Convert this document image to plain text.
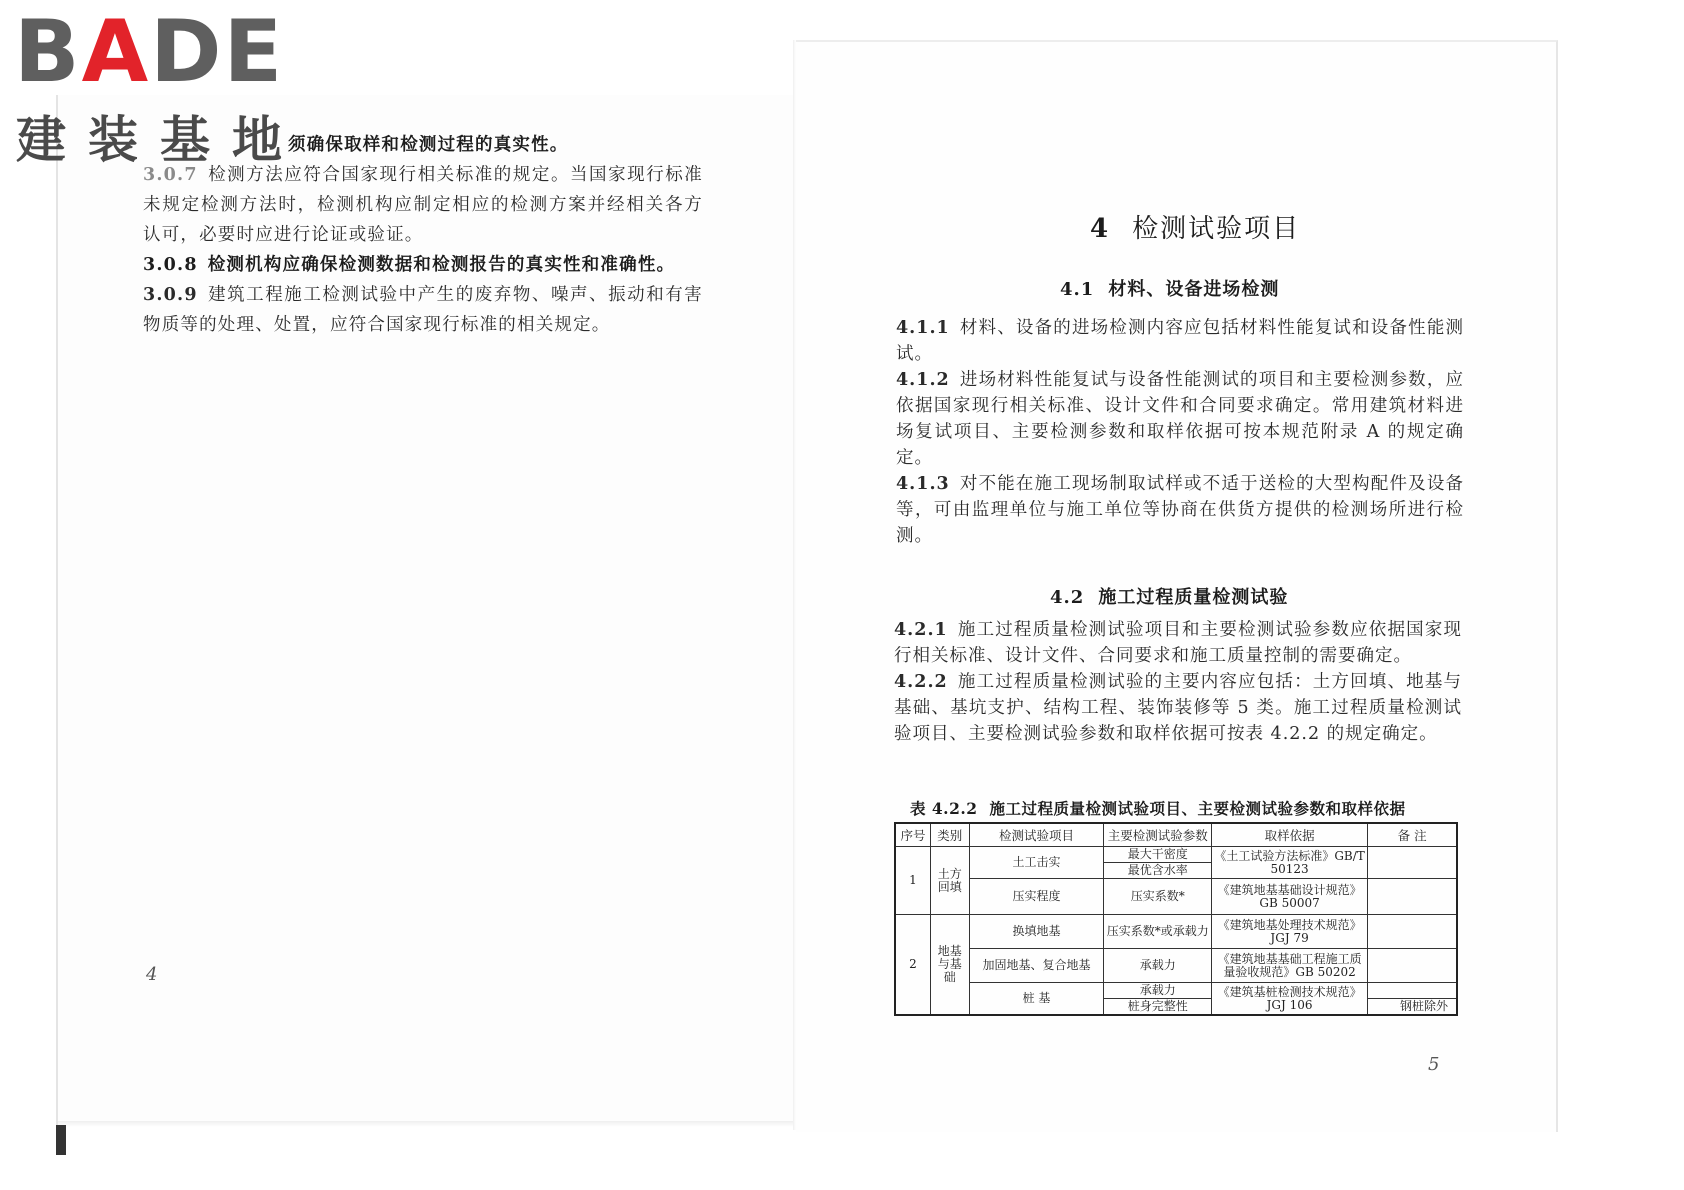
BADE
建装基地

须确保取样和检测过程的真实性。

3.0.7 检测方法应符合国家现行相关标准的规定。当国家现行标准未规定检测方法时，检测机构应制定相应的检测方案并经相关各方认可，必要时应进行论证或验证。

3.0.8 检测机构应确保检测数据和检测报告的真实性和准确性。

3.0.9 建筑工程施工检测试验中产生的废弃物、噪声、振动和有害物质等的处理、处置，应符合国家现行标准的相关规定。

4
4 检测试验项目
4.1 材料、设备进场检测

4.1.1 材料、设备的进场检测内容应包括材料性能复试和设备性能测试。

4.1.2 进场材料性能复试与设备性能测试的项目和主要检测参数，应依据国家现行相关标准、设计文件和合同要求确定。常用建筑材料进场复试项目、主要检测参数和取样依据可按本规范附录 A 的规定确定。

4.1.3 对不能在施工现场制取试样或不适于送检的大型构配件及设备等，可由监理单位与施工单位等协商在供货方提供的检测场所进行检测。

4.2 施工过程质量检测试验

4.2.1 施工过程质量检测试验项目和主要检测试验参数应依据国家现行相关标准、设计文件、合同要求和施工质量控制的需要确定。

4.2.2 施工过程质量检测试验的主要内容应包括：土方回填、地基与基础、基坑支护、结构工程、装饰装修等 5 类。施工过程质量检测试验项目、主要检测试验参数和取样依据可按表 4.2.2 的规定确定。

表 4.2.2 施工过程质量检测试验项目、主要检测试验参数和取样依据
序号	类别	检测试验项目	主要检测试验参数	取样依据	备 注
1	土方回填	土工击实	最大干密度	《土工试验方法标准》GB/T 50123	
			最优含水率		
		压实程度	压实系数*	《建筑地基基础设计规范》GB 50007	
2	地基与基础	换填地基	压实系数*或承载力	《建筑地基处理技术规范》JGJ 79	
		加固地基、复合地基	承载力	《建筑地基基础工程施工质量验收规范》GB 50202	
		桩 基	承载力	《建筑基桩检测技术规范》JGJ 106	
			桩身完整性		钢桩除外
5
